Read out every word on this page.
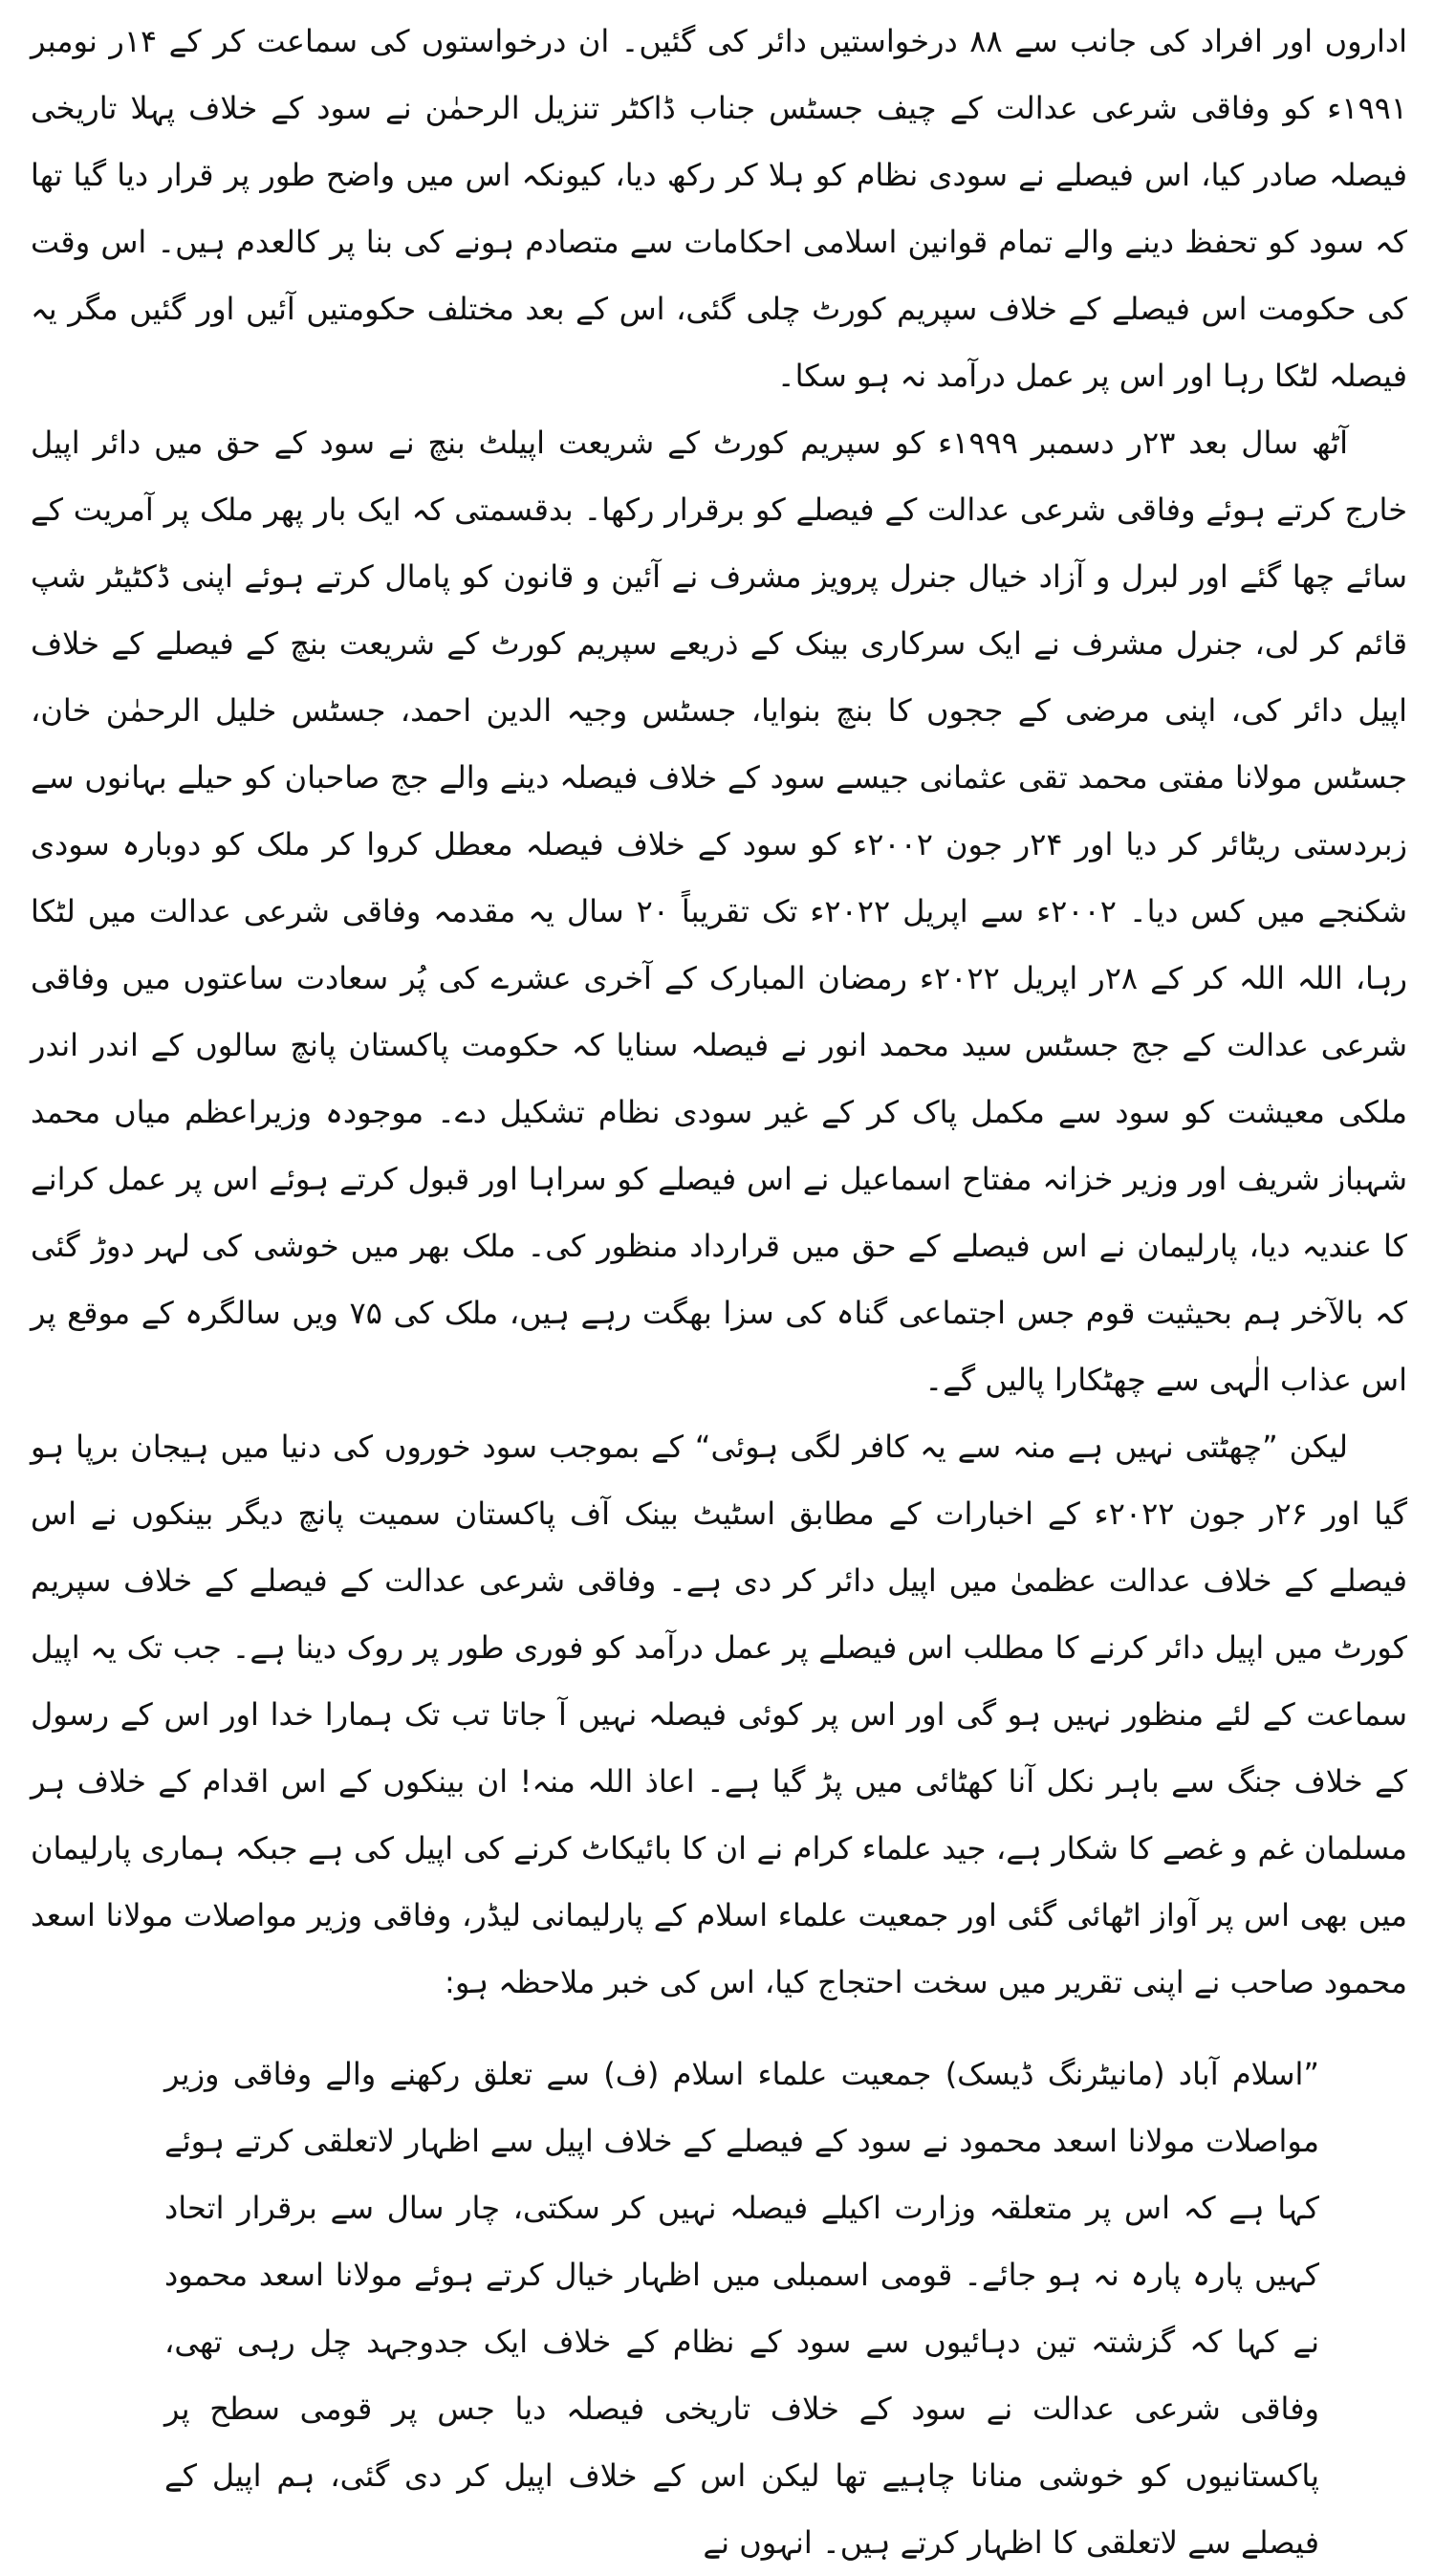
اداروں اور افراد کی جانب سے ۸۸ درخواستیں دائر کی گئیں۔ ان درخواستوں کی سماعت کر کے ۱۴ر نومبر ۱۹۹۱ء کو وفاقی شرعی عدالت کے چیف جسٹس جناب ڈاکٹر تنزیل الرحمٰن نے سود کے خلاف پہلا تاریخی فیصلہ صادر کیا، اس فیصلے نے سودی نظام کو ہلا کر رکھ دیا، کیونکہ اس میں واضح طور پر قرار دیا گیا تھا کہ سود کو تحفظ دینے والے تمام قوانین اسلامی احکامات سے متصادم ہونے کی بنا پر کالعدم ہیں۔ اس وقت کی حکومت اس فیصلے کے خلاف سپریم کورٹ چلی گئی، اس کے بعد مختلف حکومتیں آئیں اور گئیں مگر یہ فیصلہ لٹکا رہا اور اس پر عمل درآمد نہ ہو سکا۔

آٹھ سال بعد ۲۳ر دسمبر ۱۹۹۹ء کو سپریم کورٹ کے شریعت اپیلٹ بنچ نے سود کے حق میں دائر اپیل خارج کرتے ہوئے وفاقی شرعی عدالت کے فیصلے کو برقرار رکھا۔ بدقسمتی کہ ایک بار پھر ملک پر آمریت کے سائے چھا گئے اور لبرل و آزاد خیال جنرل پرویز مشرف نے آئین و قانون کو پامال کرتے ہوئے اپنی ڈکٹیٹر شپ قائم کر لی، جنرل مشرف نے ایک سرکاری بینک کے ذریعے سپریم کورٹ کے شریعت بنچ کے فیصلے کے خلاف اپیل دائر کی، اپنی مرضی کے ججوں کا بنچ بنوایا، جسٹس وجیہ الدین احمد، جسٹس خلیل الرحمٰن خان، جسٹس مولانا مفتی محمد تقی عثمانی جیسے سود کے خلاف فیصلہ دینے والے جج صاحبان کو حیلے بہانوں سے زبردستی ریٹائر کر دیا اور ۲۴ر جون ۲۰۰۲ء کو سود کے خلاف فیصلہ معطل کروا کر ملک کو دوبارہ سودی شکنجے میں کس دیا۔ ۲۰۰۲ء سے اپریل ۲۰۲۲ء تک تقریباً ۲۰ سال یہ مقدمہ وفاقی شرعی عدالت میں لٹکا رہا، اللہ اللہ کر کے ۲۸ر اپریل ۲۰۲۲ء رمضان المبارک کے آخری عشرے کی پُر سعادت ساعتوں میں وفاقی شرعی عدالت کے جج جسٹس سید محمد انور نے فیصلہ سنایا کہ حکومت پاکستان پانچ سالوں کے اندر اندر ملکی معیشت کو سود سے مکمل پاک کر کے غیر سودی نظام تشکیل دے۔ موجودہ وزیراعظم میاں محمد شہباز شریف اور وزیر خزانہ مفتاح اسماعیل نے اس فیصلے کو سراہا اور قبول کرتے ہوئے اس پر عمل کرانے کا عندیہ دیا، پارلیمان نے اس فیصلے کے حق میں قرارداد منظور کی۔ ملک بھر میں خوشی کی لہر دوڑ گئی کہ بالآخر ہم بحیثیت قوم جس اجتماعی گناہ کی سزا بھگت رہے ہیں، ملک کی ۷۵ ویں سالگرہ کے موقع پر اس عذاب الٰہی سے چھٹکارا پالیں گے۔

لیکن ”چھٹتی نہیں ہے منہ سے یہ کافر لگی ہوئی“ کے بموجب سود خوروں کی دنیا میں ہیجان برپا ہو گیا اور ۲۶ر جون ۲۰۲۲ء کے اخبارات کے مطابق اسٹیٹ بینک آف پاکستان سمیت پانچ دیگر بینکوں نے اس فیصلے کے خلاف عدالت عظمیٰ میں اپیل دائر کر دی ہے۔ وفاقی شرعی عدالت کے فیصلے کے خلاف سپریم کورٹ میں اپیل دائر کرنے کا مطلب اس فیصلے پر عمل درآمد کو فوری طور پر روک دینا ہے۔ جب تک یہ اپیل سماعت کے لئے منظور نہیں ہو گی اور اس پر کوئی فیصلہ نہیں آ جاتا تب تک ہمارا خدا اور اس کے رسول کے خلاف جنگ سے باہر نکل آنا کھٹائی میں پڑ گیا ہے۔ اعاذ اللہ منہ! ان بینکوں کے اس اقدام کے خلاف ہر مسلمان غم و غصے کا شکار ہے، جید علماء کرام نے ان کا بائیکاٹ کرنے کی اپیل کی ہے جبکہ ہماری پارلیمان میں بھی اس پر آواز اٹھائی گئی اور جمعیت علماء اسلام کے پارلیمانی لیڈر، وفاقی وزیر مواصلات مولانا اسعد محمود صاحب نے اپنی تقریر میں سخت احتجاج کیا، اس کی خبر ملاحظہ ہو:

”اسلام آباد (مانیٹرنگ ڈیسک) جمعیت علماء اسلام (ف) سے تعلق رکھنے والے وفاقی وزیر مواصلات مولانا اسعد محمود نے سود کے فیصلے کے خلاف اپیل سے اظہار لاتعلقی کرتے ہوئے کہا ہے کہ اس پر متعلقہ وزارت اکیلے فیصلہ نہیں کر سکتی، چار سال سے برقرار اتحاد کہیں پارہ پارہ نہ ہو جائے۔ قومی اسمبلی میں اظہار خیال کرتے ہوئے مولانا اسعد محمود نے کہا کہ گزشتہ تین دہائیوں سے سود کے نظام کے خلاف ایک جدوجہد چل رہی تھی، وفاقی شرعی عدالت نے سود کے خلاف تاریخی فیصلہ دیا جس پر قومی سطح پر پاکستانیوں کو خوشی منانا چاہیے تھا لیکن اس کے خلاف اپیل کر دی گئی، ہم اپیل کے فیصلے سے لاتعلقی کا اظہار کرتے ہیں۔ انہوں نے
